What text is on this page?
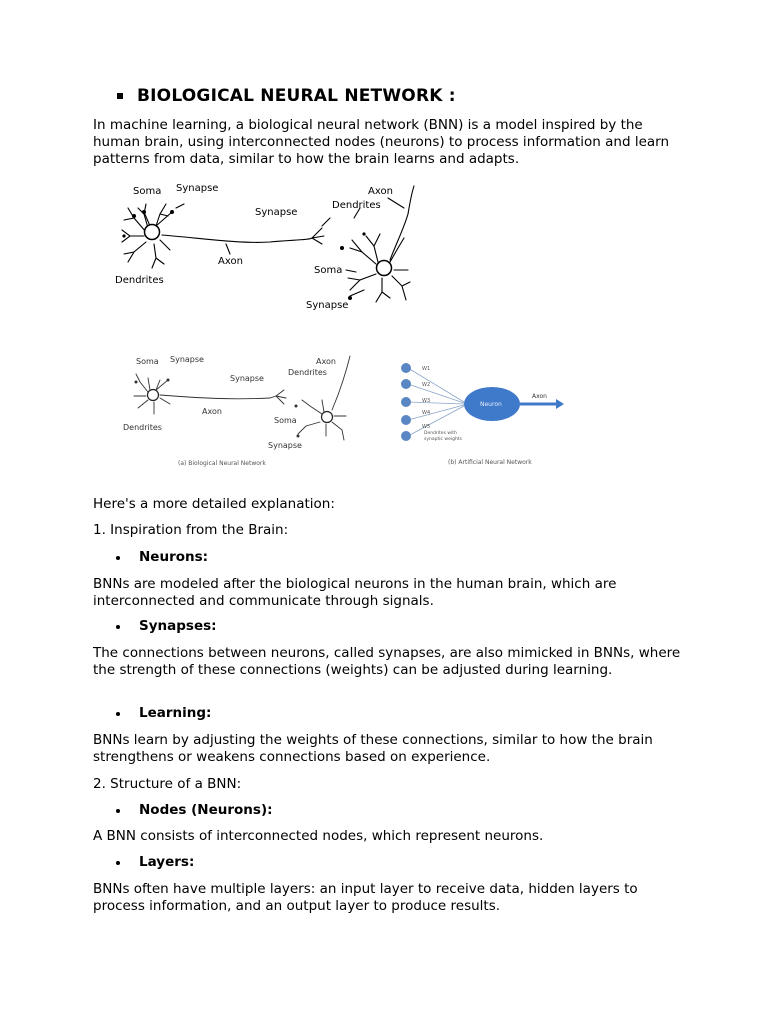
BIOLOGICAL NEURAL NETWORK :
In machine learning, a biological neural network (BNN) is a model inspired by the human brain, using interconnected nodes (neurons) to process information and learn patterns from data, similar to how the brain learns and adapts.
Soma Synapse
Dendrites
Axon
Synapse
Dendrites
Axon
Soma
Synapse
Soma Synapse
Dendrites
Axon
Synapse
Dendrites
Axon
Soma
Synapse
(a) Biological Neural Network
W1
W2
W3
W4
W5
Neuron
Axon
Dendrites with
synaptic weights
(b) Artificial Neural Network
Here's a more detailed explanation:
1. Inspiration from the Brain:
Neurons:
BNNs are modeled after the biological neurons in the human brain, which are interconnected and communicate through signals.
Synapses:
The connections between neurons, called synapses, are also mimicked in BNNs, where the strength of these connections (weights) can be adjusted during learning.
Learning:
BNNs learn by adjusting the weights of these connections, similar to how the brain strengthens or weakens connections based on experience.
2. Structure of a BNN:
Nodes (Neurons):
A BNN consists of interconnected nodes, which represent neurons.
Layers:
BNNs often have multiple layers: an input layer to receive data, hidden layers to process information, and an output layer to produce results.
